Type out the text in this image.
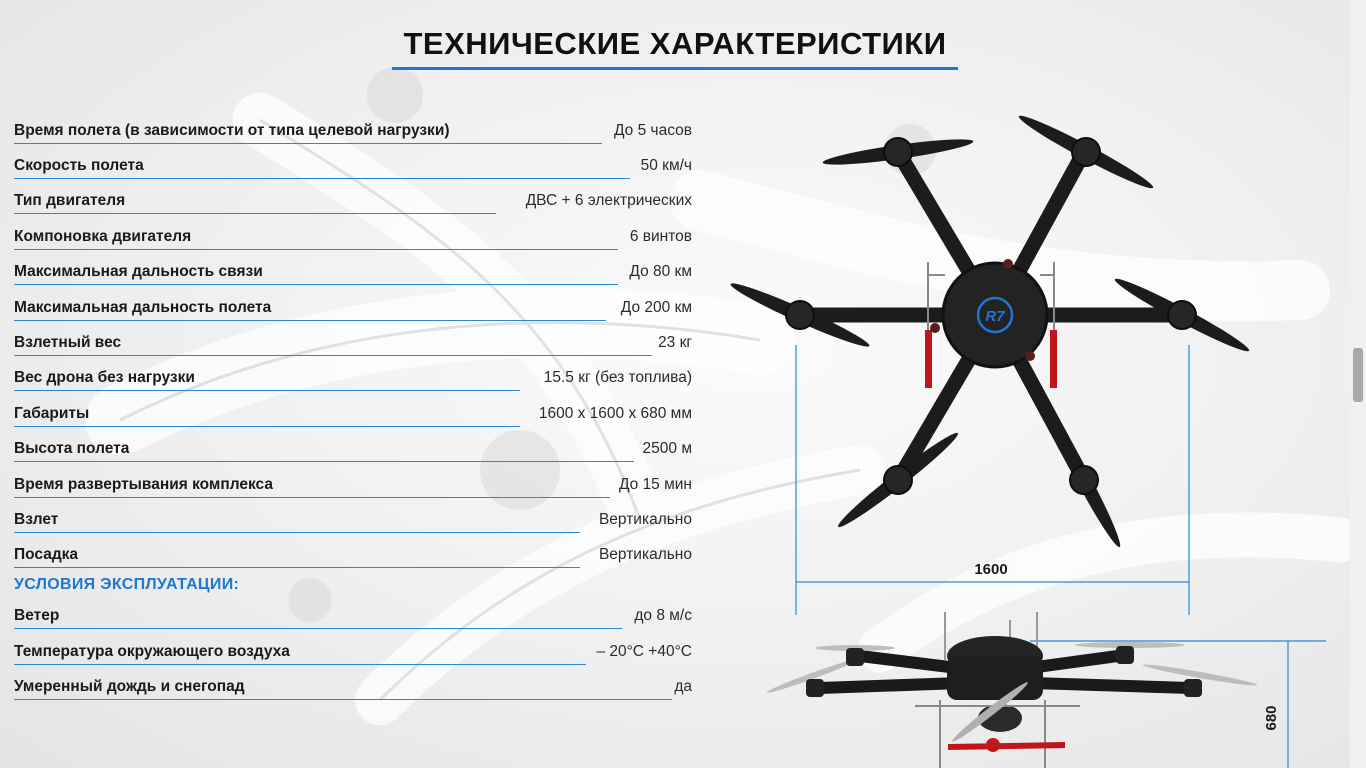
ТЕХНИЧЕСКИЕ ХАРАКТЕРИСТИКИ
Время полета (в зависимости от типа целевой нагрузки)	До 5 часов
Скорость полета	50 км/ч
Тип двигателя	ДВС + 6 электрических
Компоновка двигателя	6 винтов
Максимальная дальность связи	До 80 км
Максимальная дальность полета	До 200 км
Взлетный вес	23 кг
Вес дрона без нагрузки	15.5 кг (без топлива)
Габариты	1600 x 1600 x 680 мм
Высота полета	2500 м
Время развертывания комплекса	До 15 мин
Взлет	Вертикально
Посадка	Вертикально
УСЛОВИЯ ЭКСПЛУАТАЦИИ:
Ветер	до 8 м/с
Температура окружающего воздуха	– 20°C +40°C
Умеренный дождь и снегопад	да
R7
1600
680
